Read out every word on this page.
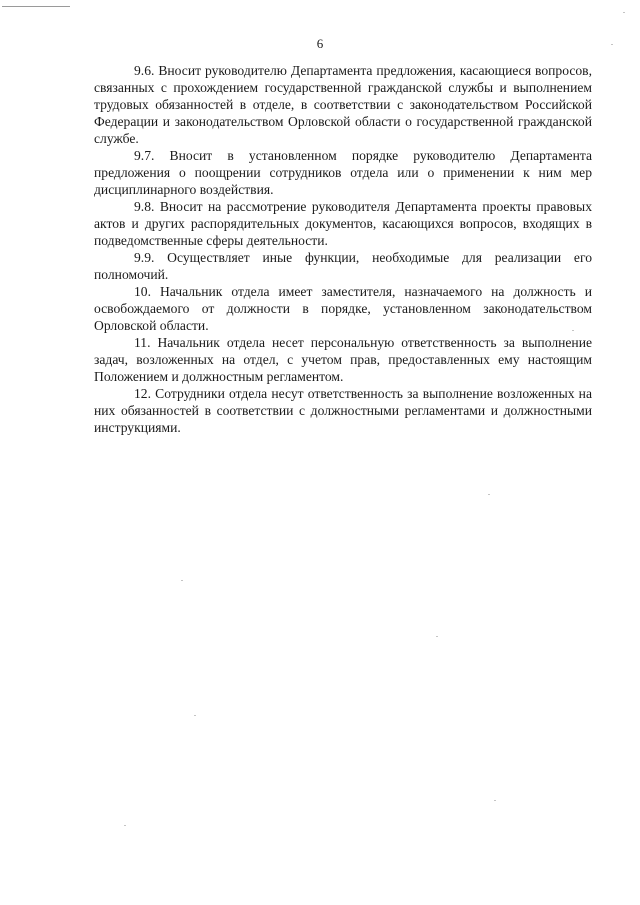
6

9.6. Вносит руководителю Департамента предложения, касающиеся вопросов, связанных с прохождением государственной гражданской службы и выполнением трудовых обязанностей в отделе, в соответствии с законодательством Российской Федерации и законодательством Орловской области о государственной гражданской службе.

9.7. Вносит в установленном порядке руководителю Департамента предложения о поощрении сотрудников отдела или о применении к ним мер дисциплинарного воздействия.

9.8. Вносит на рассмотрение руководителя Департамента проекты правовых актов и других распорядительных документов, касающихся вопросов, входящих в подведомственные сферы деятельности.

9.9. Осуществляет иные функции, необходимые для реализации его полномочий.

10. Начальник отдела имеет заместителя, назначаемого на должность и освобождаемого от должности в порядке, установленном законодательством Орловской области.

11. Начальник отдела несет персональную ответственность за выполнение задач, возложенных на отдел, с учетом прав, предоставленных ему настоящим Положением и должностным регламентом.

12. Сотрудники отдела несут ответственность за выполнение возложенных на них обязанностей в соответствии с должностными регламентами и должностными инструкциями.
